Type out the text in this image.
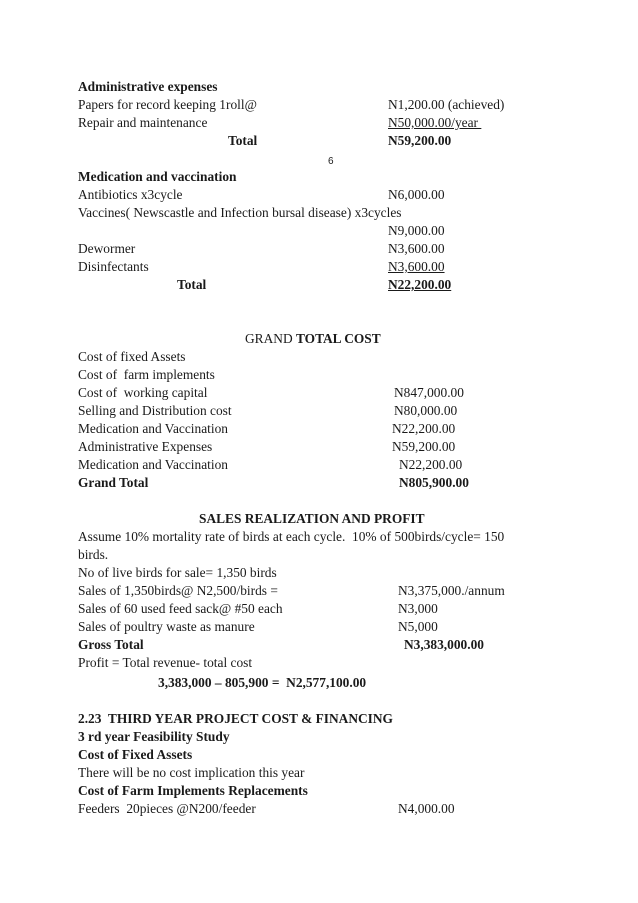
Administrative expenses
Papers for record keeping 1roll@	N1,200.00 (achieved)
Repair and maintenance	N50,000.00/year
Total	N59,200.00
6
Medication and vaccination
Antibiotics x3cycle	N6,000.00
Vaccines( Newscastle and Infection bursal disease) x3cycles
N9,000.00
Dewormer	N3,600.00
Disinfectants	N3,600.00
Total	N22,200.00
GRAND TOTAL COST
Cost of fixed Assets
Cost of  farm implements
Cost of  working capital	N847,000.00
Selling and Distribution cost	N80,000.00
Medication and Vaccination	N22,200.00
Administrative Expenses	N59,200.00
Medication and Vaccination	N22,200.00
Grand Total	N805,900.00
SALES REALIZATION AND PROFIT
Assume 10% mortality rate of birds at each cycle.  10% of 500birds/cycle= 150
birds.
No of live birds for sale= 1,350 birds
Sales of 1,350birds@ N2,500/birds =	N3,375,000./annum
Sales of 60 used feed sack@ #50 each	N3,000
Sales of poultry waste as manure	N5,000
Gross Total	N3,383,000.00
Profit = Total revenue- total cost
3,383,000 – 805,900 =  N2,577,100.00
2.23  THIRD YEAR PROJECT COST & FINANCING
3 rd year Feasibility Study
Cost of Fixed Assets
There will be no cost implication this year
Cost of Farm Implements Replacements
Feeders  20pieces @N200/feeder	N4,000.00
